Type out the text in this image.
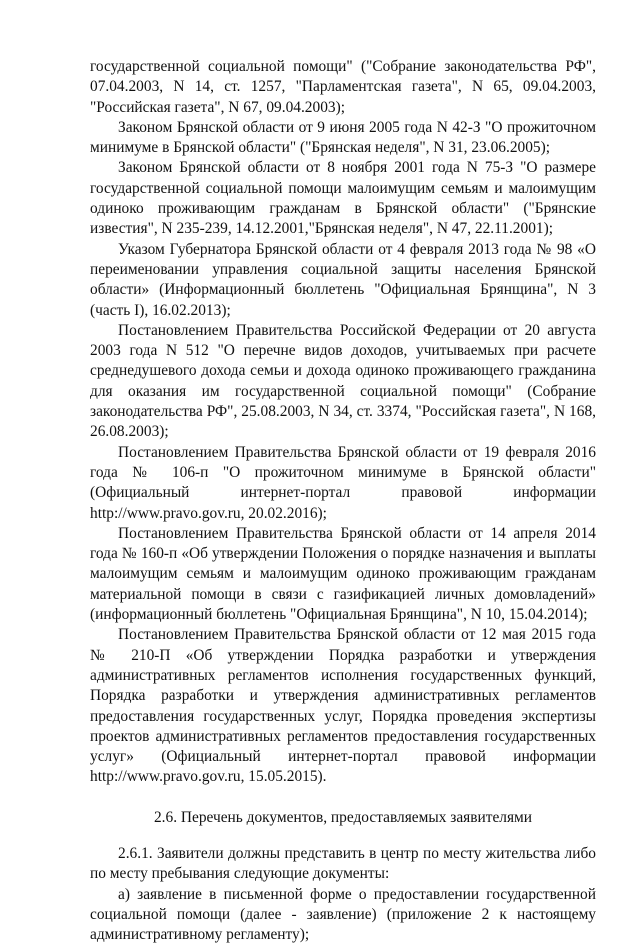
государственной социальной помощи" ("Собрание законодательства РФ", 07.04.2003, N 14, ст. 1257, "Парламентская газета", N 65, 09.04.2003, "Российская газета", N 67, 09.04.2003);

Законом Брянской области от 9 июня 2005 года N 42-З "О прожиточном минимуме в Брянской области" ("Брянская неделя", N 31, 23.06.2005);

Законом Брянской области от 8 ноября 2001 года N 75-З "О размере государственной социальной помощи малоимущим семьям и малоимущим одиноко проживающим гражданам в Брянской области" ("Брянские известия", N 235-239, 14.12.2001,"Брянская неделя", N 47, 22.11.2001);

Указом Губернатора Брянской области от 4 февраля 2013 года № 98 «О переименовании управления социальной защиты населения Брянской области» (Информационный бюллетень "Официальная Брянщина", N 3 (часть I), 16.02.2013);

Постановлением Правительства Российской Федерации от 20 августа 2003 года N 512 "О перечне видов доходов, учитываемых при расчете среднедушевого дохода семьи и дохода одиноко проживающего гражданина для оказания им государственной социальной помощи" (Собрание законодательства РФ", 25.08.2003, N 34, ст. 3374, "Российская газета", N 168, 26.08.2003);

Постановлением Правительства Брянской области от 19 февраля 2016 года № 106-п "О прожиточном минимуме в Брянской области" (Официальный интернет-портал правовой информации http://www.pravo.gov.ru, 20.02.2016);

Постановлением Правительства Брянской области от 14 апреля 2014 года № 160-п «Об утверждении Положения о порядке назначения и выплаты малоимущим семьям и малоимущим одиноко проживающим гражданам материальной помощи в связи с газификацией личных домовладений» (информационный бюллетень "Официальная Брянщина", N 10, 15.04.2014);

Постановлением Правительства Брянской области от 12 мая 2015 года № 210-П «Об утверждении Порядка разработки и утверждения административных регламентов исполнения государственных функций, Порядка разработки и утверждения административных регламентов предоставления государственных услуг, Порядка проведения экспертизы проектов административных регламентов предоставления государственных услуг» (Официальный интернет-портал правовой информации http://www.pravo.gov.ru, 15.05.2015).

2.6. Перечень документов, предоставляемых заявителями

2.6.1. Заявители должны представить в центр по месту жительства либо по месту пребывания следующие документы:

а) заявление в письменной форме о предоставлении государственной социальной помощи (далее - заявление) (приложение 2 к настоящему административному регламенту);
